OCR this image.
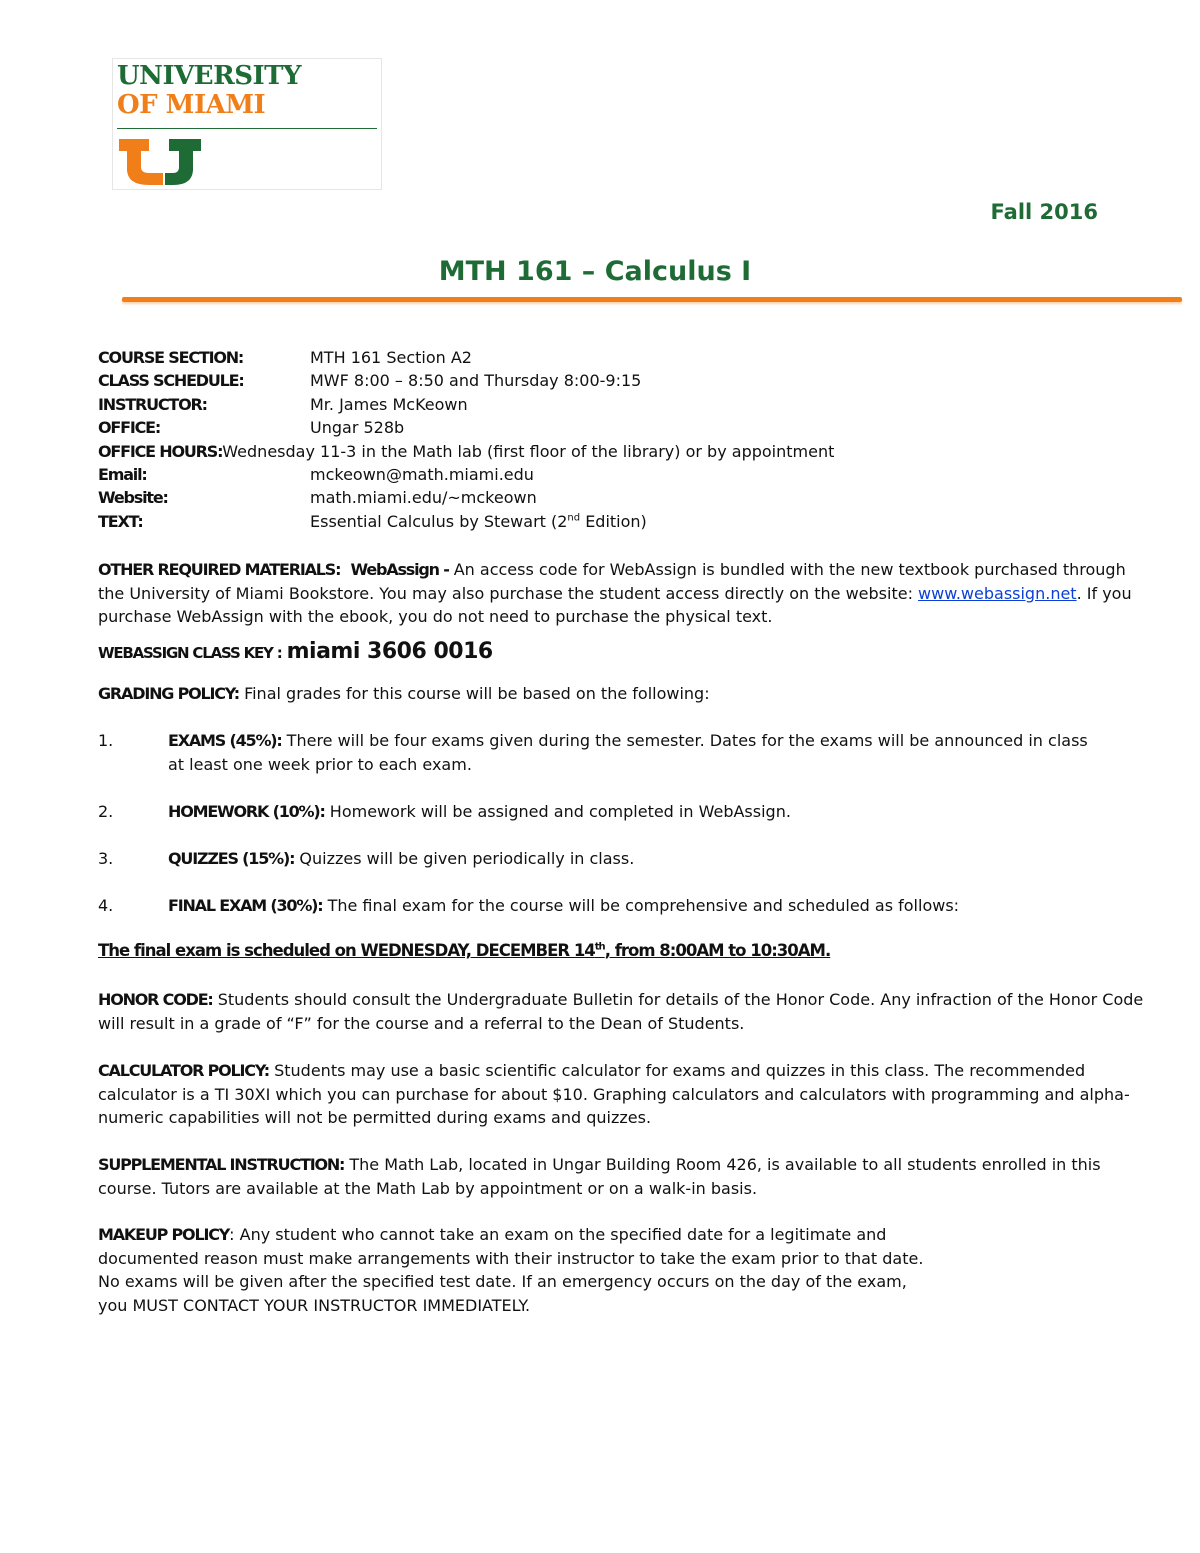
UNIVERSITY
OF MIAMI
Fall 2016
MTH 161 – Calculus I
COURSE SECTION:	MTH 161 Section A2
CLASS SCHEDULE:	MWF 8:00 – 8:50 and Thursday 8:00-9:15
INSTRUCTOR:	Mr. James McKeown
OFFICE:	Ungar 528b
OFFICE HOURS:Wednesday 11-3 in the Math lab (first floor of the library) or by appointment
Email:	mckeown@math.miami.edu
Website:	math.miami.edu/~mckeown
TEXT:	Essential Calculus by Stewart (2nd Edition)
OTHER REQUIRED MATERIALS: WebAssign - An access code for WebAssign is bundled with the new textbook purchased through the University of Miami Bookstore. You may also purchase the student access directly on the website: www.webassign.net. If you purchase WebAssign with the ebook, you do not need to purchase the physical text.
WEBASSIGN CLASS KEY : miami 3606 0016
GRADING POLICY: Final grades for this course will be based on the following:
1.	EXAMS (45%): There will be four exams given during the semester. Dates for the exams will be announced in class at least one week prior to each exam.
2.	HOMEWORK (10%): Homework will be assigned and completed in WebAssign.
3.	QUIZZES (15%): Quizzes will be given periodically in class.
4.	FINAL EXAM (30%): The final exam for the course will be comprehensive and scheduled as follows:
The final exam is scheduled on WEDNESDAY, DECEMBER 14th, from 8:00AM to 10:30AM.
HONOR CODE: Students should consult the Undergraduate Bulletin for details of the Honor Code. Any infraction of the Honor Code will result in a grade of “F” for the course and a referral to the Dean of Students.
CALCULATOR POLICY: Students may use a basic scientific calculator for exams and quizzes in this class. The recommended calculator is a TI 30XI which you can purchase for about $10. Graphing calculators and calculators with programming and alpha-numeric capabilities will not be permitted during exams and quizzes.
SUPPLEMENTAL INSTRUCTION: The Math Lab, located in Ungar Building Room 426, is available to all students enrolled in this course. Tutors are available at the Math Lab by appointment or on a walk-in basis.
MAKEUP POLICY: Any student who cannot take an exam on the specified date for a legitimate and
documented reason must make arrangements with their instructor to take the exam prior to that date.
No exams will be given after the specified test date. If an emergency occurs on the day of the exam,
you MUST CONTACT YOUR INSTRUCTOR IMMEDIATELY.
